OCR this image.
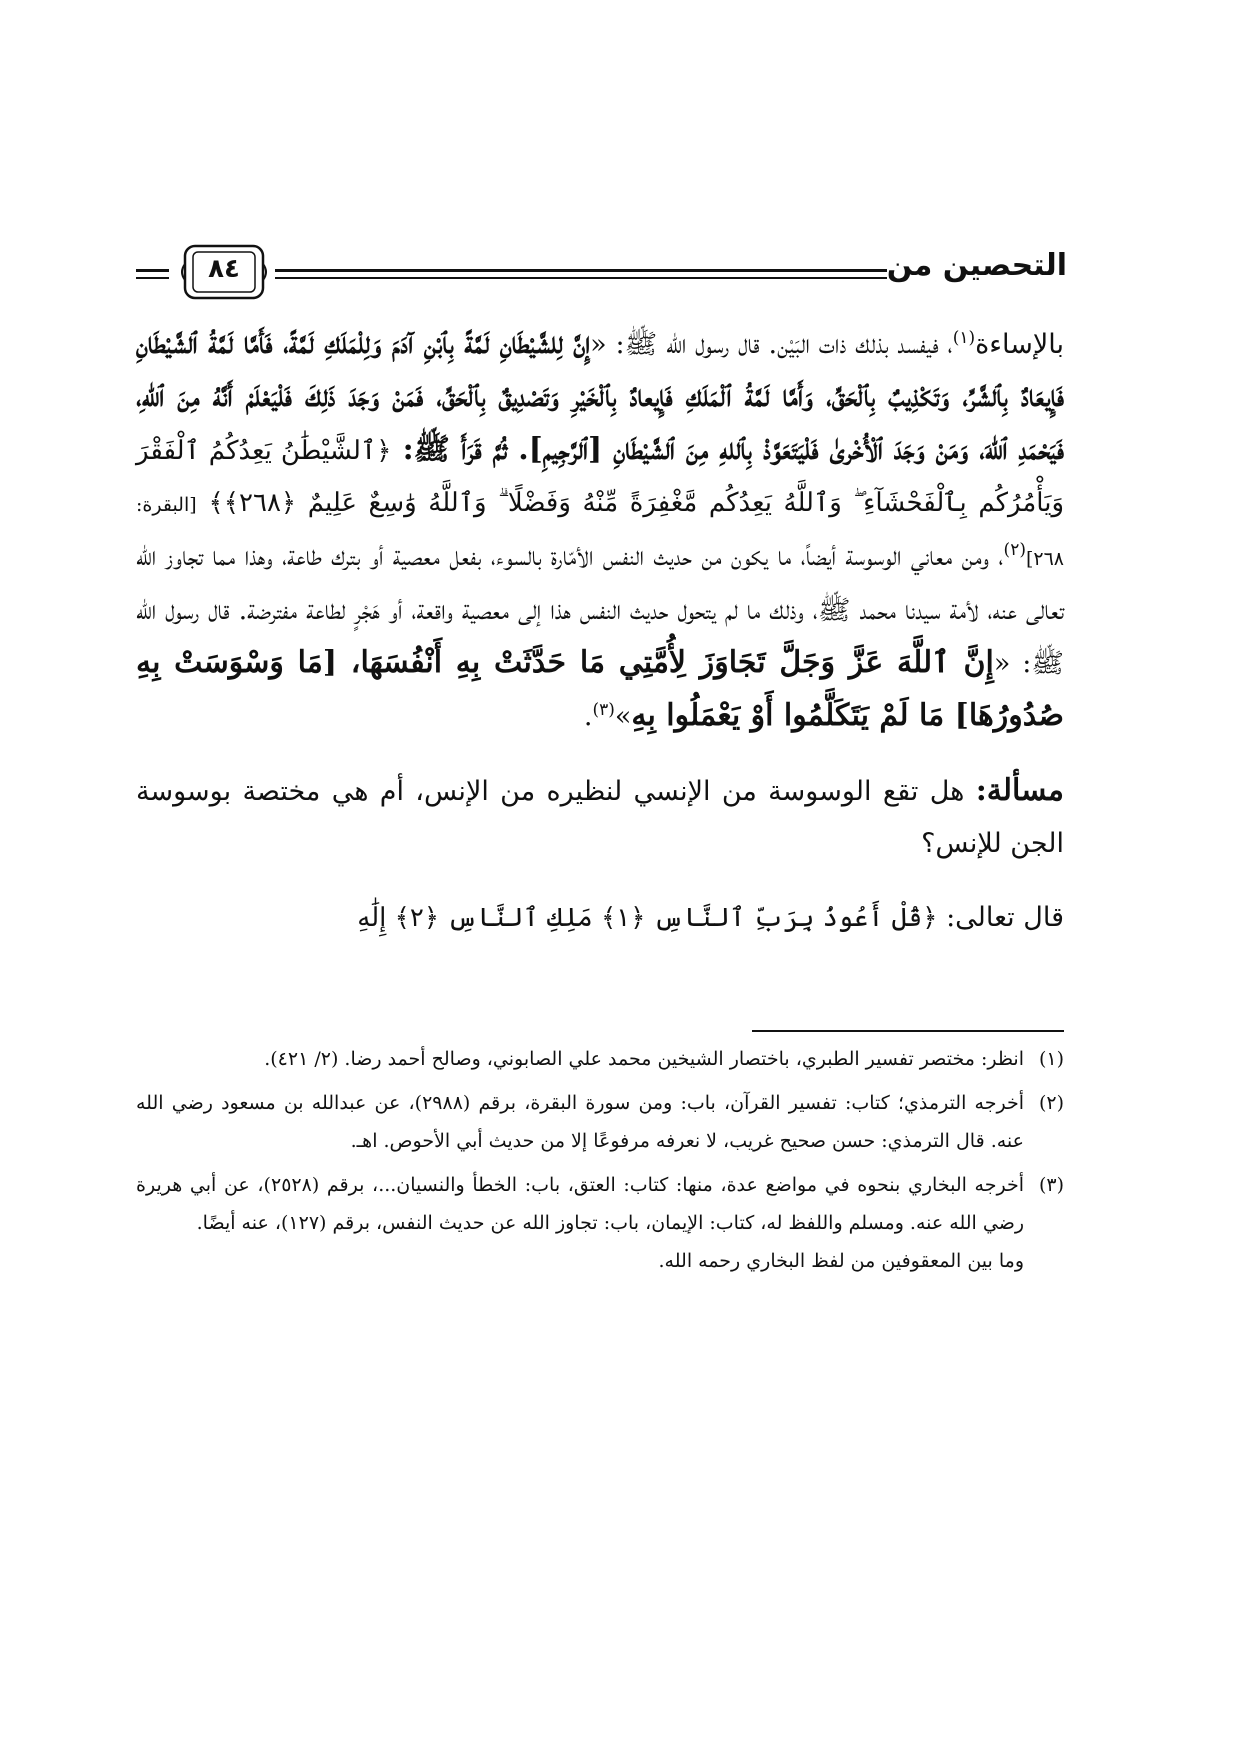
التحصين من
٨٤

بالإساءة$^{(١)}$، فيفسد بذلك ذات البَيْن. قال رسول الله ﷺ: «إِنَّ لِلشَّيْطَانِ لَمَّةً بِٱبْنِ آدَمَ وَلِلْمَلَكِ لَمَّةً، فَأَمَّا لَمَّةُ ٱلشَّيْطَانِ فَإِيعَادٌ بِٱلشَّرِّ، وَتَكْذِيبٌ بِٱلْحَقِّ، وَأَمَّا لَمَّةُ ٱلْمَلَكِ فَإِيعادٌ بِٱلْخَيْرِ وَتَصْدِيقٌ بِٱلْحَقِّ، فَمَنْ وَجَدَ ذَلِكَ فَلْيَعْلَمْ أَنَّهُ مِنَ ٱللهِ، فَيَحْمَدِ ٱللهَ، وَمَنْ وَجَدَ ٱلْأُخْرىٰ فَلْيَتَعَوَّذْ بِٱللهِ مِنَ ٱلشَّيْطَانِ [ٱلرَّجِيمِ]. ثُمَّ قَرَأَ ﷺ: ﴿ٱلشَّيْطَٰنُ يَعِدُكُمُ ٱلْفَقْرَ وَيَأْمُرُكُم بِٱلْفَحْشَآءِ ۖ وَٱللَّهُ يَعِدُكُم مَّغْفِرَةً مِّنْهُ وَفَضْلًا ۗ وَٱللَّهُ وَٰسِعٌ عَلِيمٌ ﴿٢٦٨﴾﴾ [البقرة: ٢٦٨]$^{(٢)}$، ومن معاني الوسوسة أيضاً، ما يكون من حديث النفس الأمّارة بالسوء، بفعل معصية أو بترك طاعة، وهذا مما تجاوز الله تعالى عنه، لأمة سيدنا محمد ﷺ، وذلك ما لم يتحول حديث النفس هذا إلى معصية واقعة، أو هَجْرٍ لطاعة مفترضة. قال رسول الله ﷺ: «إِنَّ ٱللَّهَ عَزَّ وَجَلَّ تَجَاوَزَ لِأُمَّتِي مَا حَدَّثَتْ بِهِ أَنْفُسَهَا، [مَا وَسْوَسَتْ بِهِ صُدُورُهَا] مَا لَمْ يَتَكَلَّمُوا أَوْ يَعْمَلُوا بِهِ»$^{(٣)}$.

مسألة: هل تقع الوسوسة من الإنسي لنظيره من الإنس، أم هي مختصة بوسوسة الجن للإنس؟

قال تعالى: ﴿قُلْ أَعُوذُ بِرَبِّ ٱلنَّاسِ ﴿١﴾ مَلِكِ ٱلنَّاسِ ﴿٢﴾ إِلَٰهِ

(١)
انظر: مختصر تفسير الطبري، باختصار الشيخين محمد علي الصابوني، وصالح أحمد رضا. (٢/ ٤٢١).
(٢)
أخرجه الترمذي؛ كتاب: تفسير القرآن، باب: ومن سورة البقرة، برقم (٢٩٨٨)، عن عبدالله بن مسعود رضي الله عنه. قال الترمذي: حسن صحيح غريب، لا نعرفه مرفوعًا إلا من حديث أبي الأحوص. اهـ.
(٣)
أخرجه البخاري بنحوه في مواضع عدة، منها: كتاب: العتق، باب: الخطأ والنسيان...، برقم (٢٥٢٨)، عن أبي هريرة رضي الله عنه. ومسلم واللفظ له، كتاب: الإيمان، باب: تجاوز الله عن حديث النفس، برقم (١٢٧)، عنه أيضًا.
وما بين المعقوفين من لفظ البخاري رحمه الله.
